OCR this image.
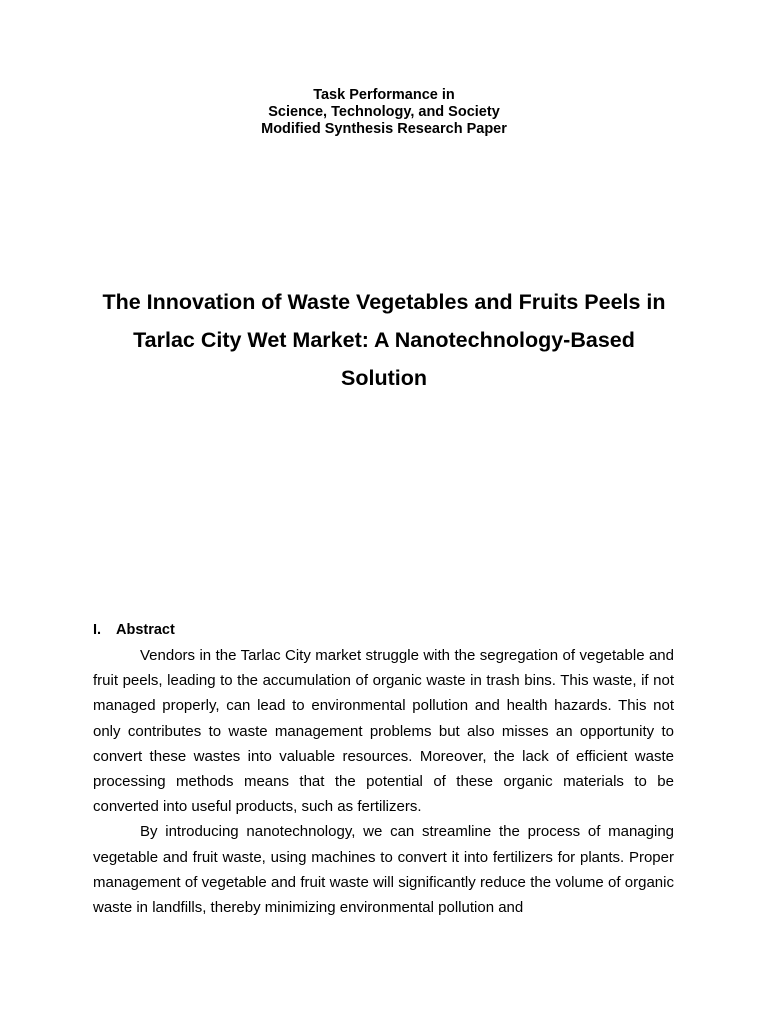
Task Performance in
Science, Technology, and Society
Modified Synthesis Research Paper
The Innovation of Waste Vegetables and Fruits Peels in Tarlac City Wet Market: A Nanotechnology-Based Solution
I. Abstract

Vendors in the Tarlac City market struggle with the segregation of vegetable and fruit peels, leading to the accumulation of organic waste in trash bins. This waste, if not managed properly, can lead to environmental pollution and health hazards. This not only contributes to waste management problems but also misses an opportunity to convert these wastes into valuable resources. Moreover, the lack of efficient waste processing methods means that the potential of these organic materials to be converted into useful products, such as fertilizers.

By introducing nanotechnology, we can streamline the process of managing vegetable and fruit waste, using machines to convert it into fertilizers for plants. Proper management of vegetable and fruit waste will significantly reduce the volume of organic waste in landfills, thereby minimizing environmental pollution and
